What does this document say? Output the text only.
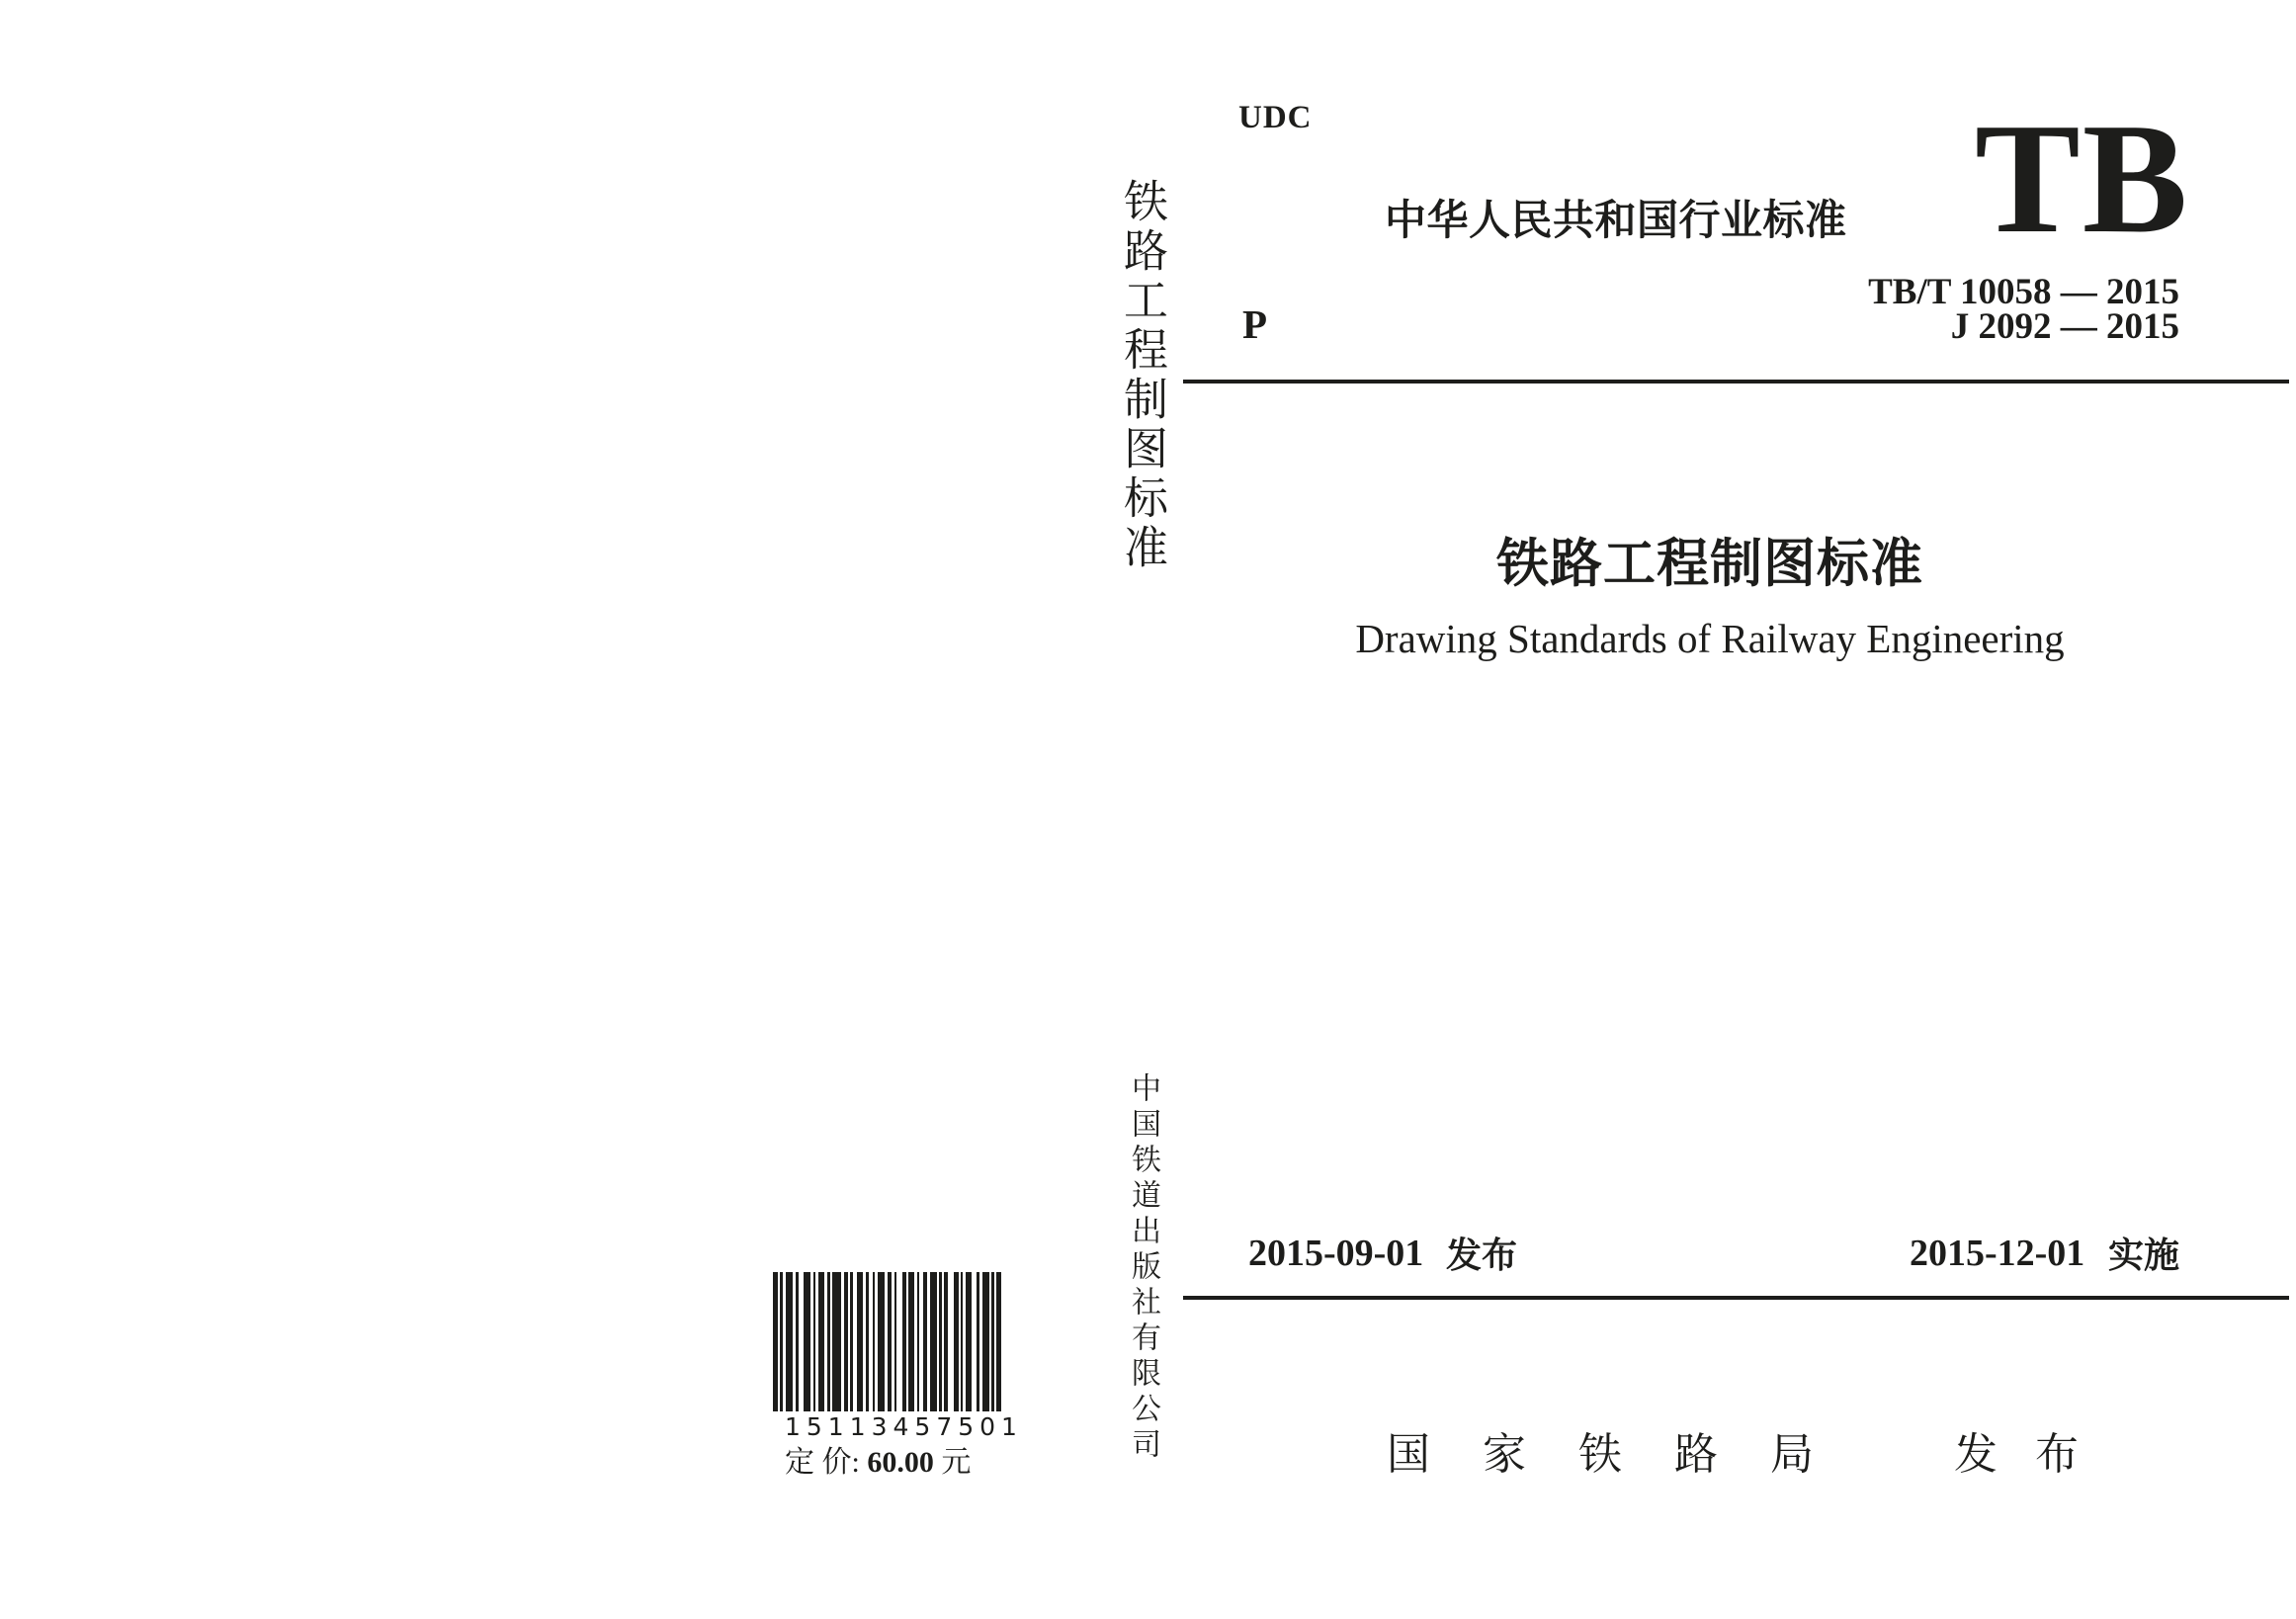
UDC
中华人民共和国行业标准 TB
TB/T 10058 — 2015
J 2092 — 2015
铁路工程制图标准 P
铁路工程制图标准
Drawing Standards of Railway Engineering
中国铁道出版社有限公司
15113457501
定 价: 60.00 元
2015-09-01 发布	2015-12-01 实施
国家铁路局 发布
